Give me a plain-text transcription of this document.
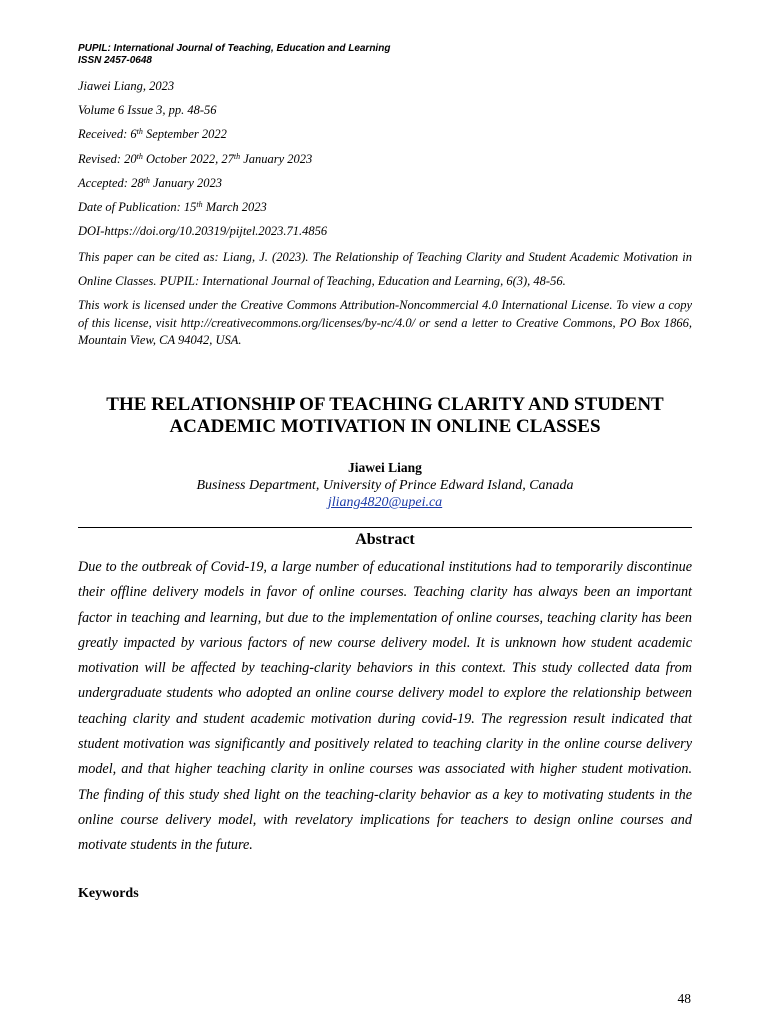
PUPIL: International Journal of Teaching, Education and Learning
ISSN 2457-0648
Jiawei Liang, 2023
Volume 6 Issue 3, pp. 48-56
Received: 6th September 2022
Revised: 20th October 2022, 27th January 2023
Accepted: 28th January 2023
Date of Publication: 15th March 2023
DOI-https://doi.org/10.20319/pijtel.2023.71.4856
This paper can be cited as: Liang, J. (2023). The Relationship of Teaching Clarity and Student Academic Motivation in Online Classes. PUPIL: International Journal of Teaching, Education and Learning, 6(3), 48-56.
This work is licensed under the Creative Commons Attribution-Noncommercial 4.0 International License. To view a copy of this license, visit http://creativecommons.org/licenses/by-nc/4.0/ or send a letter to Creative Commons, PO Box 1866, Mountain View, CA 94042, USA.
THE RELATIONSHIP OF TEACHING CLARITY AND STUDENT
ACADEMIC MOTIVATION IN ONLINE CLASSES
Jiawei Liang
Business Department, University of Prince Edward Island, Canada
jliang4820@upei.ca
Abstract

Due to the outbreak of Covid-19, a large number of educational institutions had to temporarily discontinue their offline delivery models in favor of online courses. Teaching clarity has always been an important factor in teaching and learning, but due to the implementation of online courses, teaching clarity has been greatly impacted by various factors of new course delivery model. It is unknown how student academic motivation will be affected by teaching-clarity behaviors in this context. This study collected data from undergraduate students who adopted an online course delivery model to explore the relationship between teaching clarity and student academic motivation during covid-19. The regression result indicated that student motivation was significantly and positively related to teaching clarity in the online course delivery model, and that higher teaching clarity in online courses was associated with higher student motivation. The finding of this study shed light on the teaching-clarity behavior as a key to motivating students in the online course delivery model, with revelatory implications for teachers to design online courses and motivate students in the future.

Keywords
48
